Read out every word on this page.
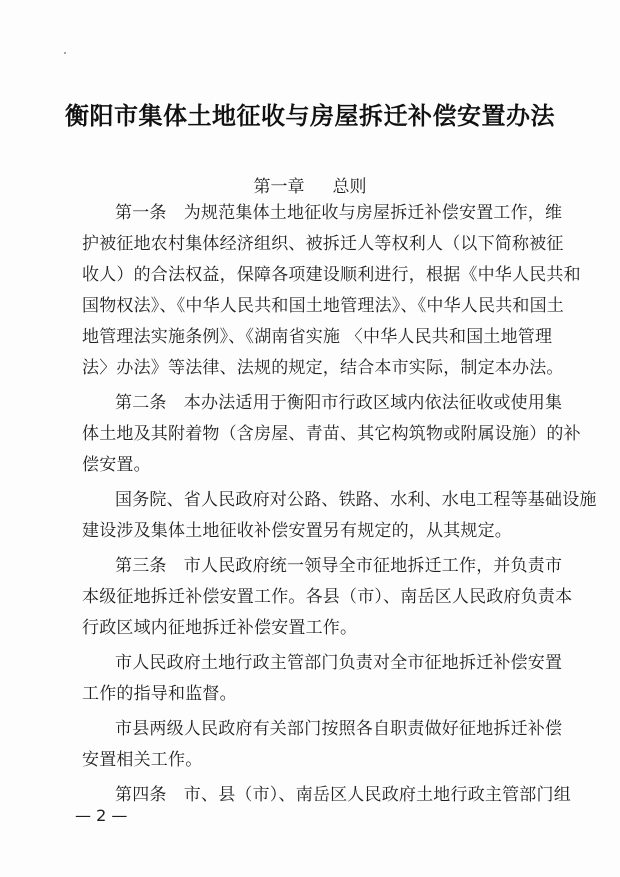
衡阳市集体土地征收与房屋拆迁补偿安置办法
第一章 总则
第一条　为规范集体土地征收与房屋拆迁补偿安置工作，维
护被征地农村集体经济组织、被拆迁人等权利人（以下简称被征
收人）的合法权益，保障各项建设顺利进行，根据《中华人民共和
国物权法》、《中华人民共和国土地管理法》、《中华人民共和国土
地管理法实施条例》、《湖南省实施 〈中华人民共和国土地管理
法〉办法》等法律、法规的规定，结合本市实际，制定本办法。
第二条　本办法适用于衡阳市行政区域内依法征收或使用集
体土地及其附着物（含房屋、青苗、其它构筑物或附属设施）的补
偿安置。
国务院、省人民政府对公路、铁路、水利、水电工程等基础设施
建设涉及集体土地征收补偿安置另有规定的，从其规定。
第三条　市人民政府统一领导全市征地拆迁工作，并负责市
本级征地拆迁补偿安置工作。各县（市）、南岳区人民政府负责本
行政区域内征地拆迁补偿安置工作。
市人民政府土地行政主管部门负责对全市征地拆迁补偿安置
工作的指导和监督。
市县两级人民政府有关部门按照各自职责做好征地拆迁补偿
安置相关工作。
第四条　市、县（市）、南岳区人民政府土地行政主管部门组
— 2 —
